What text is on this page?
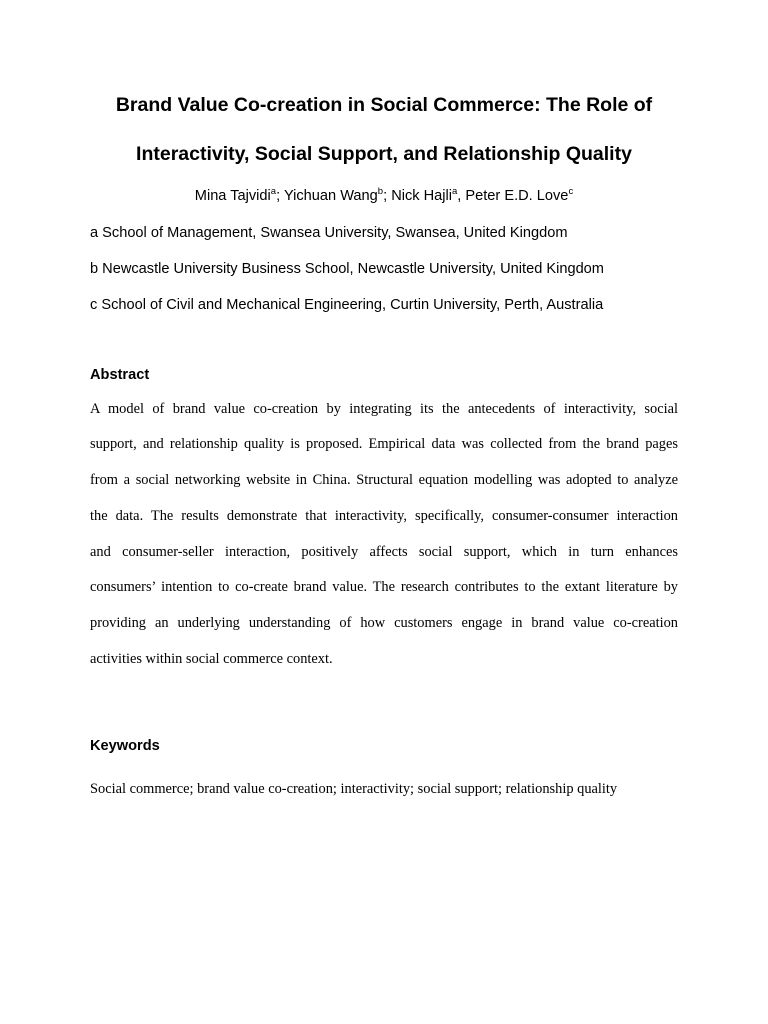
Brand Value Co-creation in Social Commerce: The Role of
Interactivity, Social Support, and Relationship Quality
Mina Tajvidi$^a$; Yichuan Wang$^b$; Nick Hajli$^a$, Peter E.D. Love$^c$
a School of Management, Swansea University, Swansea, United Kingdom
b Newcastle University Business School, Newcastle University, United Kingdom
c School of Civil and Mechanical Engineering, Curtin University, Perth, Australia
Abstract
A model of brand value co-creation by integrating its the antecedents of interactivity, social
support, and relationship quality is proposed. Empirical data was collected from the brand pages
from a social networking website in China. Structural equation modelling was adopted to analyze
the data. The results demonstrate that interactivity, specifically, consumer-consumer interaction
and consumer-seller interaction, positively affects social support, which in turn enhances
consumers’ intention to co-create brand value. The research contributes to the extant literature by
providing an underlying understanding of how customers engage in brand value co-creation
activities within social commerce context.
Keywords
Social commerce; brand value co-creation; interactivity; social support; relationship quality
